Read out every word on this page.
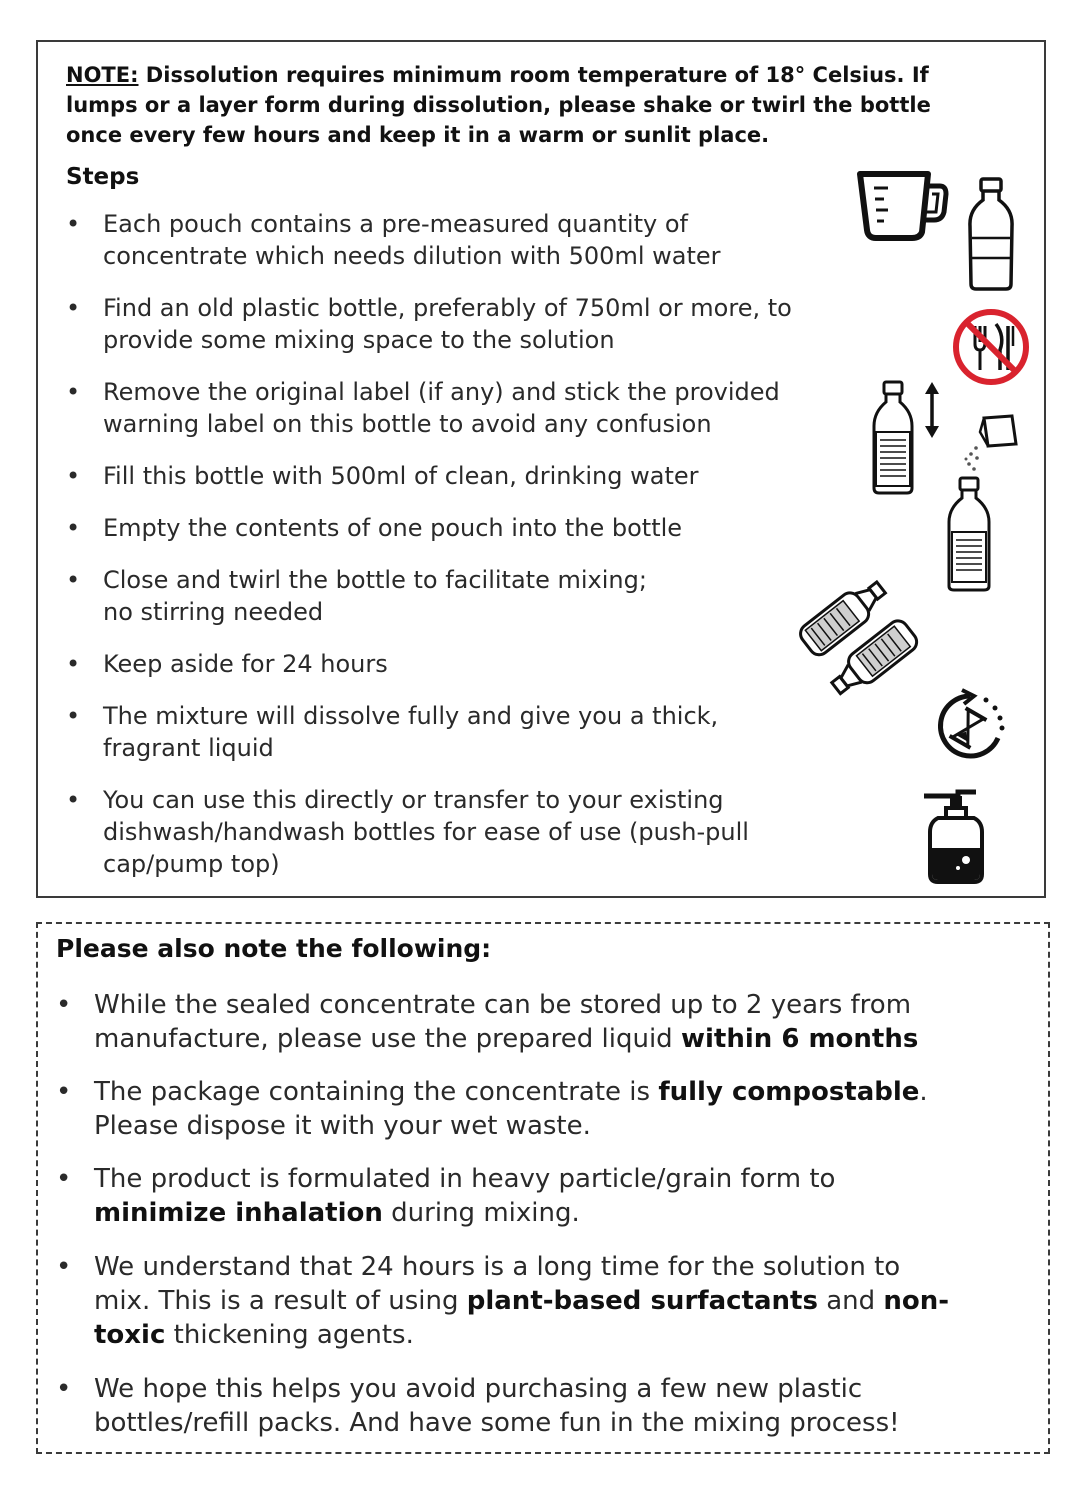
NOTE: Dissolution requires minimum room temperature of 18° Celsius. If
lumps or a layer form during dissolution, please shake or twirl the bottle
once every few hours and keep it in a warm or sunlit place.
Steps
• Each pouch contains a pre-measured quantity of
concentrate which needs dilution with 500ml water
• Find an old plastic bottle, preferably of 750ml or more, to
provide some mixing space to the solution
• Remove the original label (if any) and stick the provided
warning label on this bottle to avoid any confusion
• Fill this bottle with 500ml of clean, drinking water
• Empty the contents of one pouch into the bottle
• Close and twirl the bottle to facilitate mixing;
no stirring needed
• Keep aside for 24 hours
• The mixture will dissolve fully and give you a thick,
fragrant liquid
• You can use this directly or transfer to your existing
dishwash/handwash bottles for ease of use (push-pull
cap/pump top)
Please also note the following:
• While the sealed concentrate can be stored up to 2 years from
manufacture, please use the prepared liquid within 6 months
• The package containing the concentrate is fully compostable.
Please dispose it with your wet waste.
• The product is formulated in heavy particle/grain form to
minimize inhalation during mixing.
• We understand that 24 hours is a long time for the solution to
mix. This is a result of using plant-based surfactants and non-
toxic thickening agents.
• We hope this helps you avoid purchasing a few new plastic
bottles/refill packs. And have some fun in the mixing process!
